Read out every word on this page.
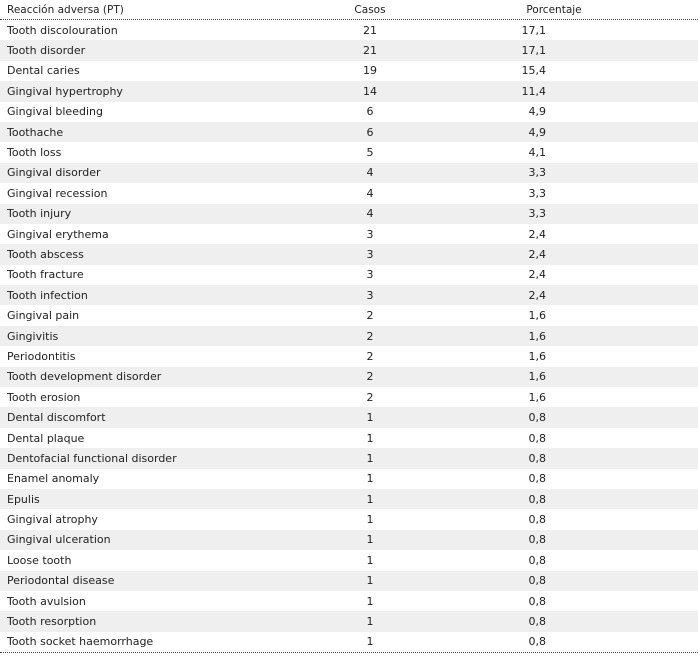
Reacción adversa (PT)	Casos	Porcentaje
Tooth discolouration	21	17,1
Tooth disorder	21	17,1
Dental caries	19	15,4
Gingival hypertrophy	14	11,4
Gingival bleeding	6	4,9
Toothache	6	4,9
Tooth loss	5	4,1
Gingival disorder	4	3,3
Gingival recession	4	3,3
Tooth injury	4	3,3
Gingival erythema	3	2,4
Tooth abscess	3	2,4
Tooth fracture	3	2,4
Tooth infection	3	2,4
Gingival pain	2	1,6
Gingivitis	2	1,6
Periodontitis	2	1,6
Tooth development disorder	2	1,6
Tooth erosion	2	1,6
Dental discomfort	1	0,8
Dental plaque	1	0,8
Dentofacial functional disorder	1	0,8
Enamel anomaly	1	0,8
Epulis	1	0,8
Gingival atrophy	1	0,8
Gingival ulceration	1	0,8
Loose tooth	1	0,8
Periodontal disease	1	0,8
Tooth avulsion	1	0,8
Tooth resorption	1	0,8
Tooth socket haemorrhage	1	0,8
